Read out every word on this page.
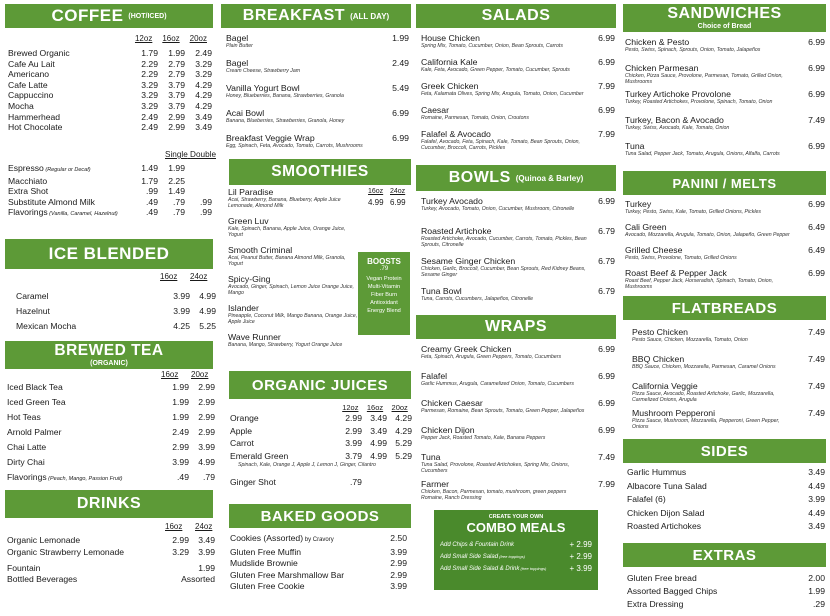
COFFEE (HOT/ICED)
12oz	16oz	20oz
Brewed Organic	1.79	1.99	2.49
Cafe Au Lait	2.29	2.79	3.29
Americano	2.29	2.79	3.29
Cafe Latte	3.29	3.79	4.29
Cappuccino	3.29	3.79	4.29
Mocha	3.29	3.79	4.29
Hammerhead	2.49	2.99	3.49
Hot Chocolate	2.49	2.99	3.49
Single
Double
Espresso (Regular or Decaf)	1.49	1.99
Macchiato	1.79	2.25
Extra Shot	.99	1.49
Substitute Almond Milk	.49	.79	.99
Flavorings (Vanilla, Caramel, Hazelnut)	.49	.79	.99
ICE BLENDED
16oz	24oz
Caramel	3.99	4.99
Hazelnut	3.99	4.99
Mexican Mocha	4.25	5.25
BREWED TEA
(ORGANIC)
16oz	20oz
Iced Black Tea	1.99	2.99
Iced Green Tea	1.99	2.99
Hot Teas	1.99	2.99
Arnold Palmer	2.49	2.99
Chai Latte	2.99	3.99
Dirty Chai	3.99	4.99
Flavorings (Peach, Mango, Passion Fruit)	.49	.79
DRINKS
16oz	24oz
Organic Lemonade	2.99	3.49
Organic Strawberry Lemonade	3.29	3.99
Fountain	1.99
Bottled Beverages	Assorted
BREAKFAST (ALL DAY)
Bagel	1.99
Plain Butter
Bagel	2.49
Cream Cheese, Strawberry Jam
Vanilla Yogurt Bowl	5.49
Honey, Blueberries, Banana, Strawberries, Granola
Acai Bowl	6.99
Banana, Blueberries, Strawberries, Granola, Honey
Breakfast Veggie Wrap	6.99
Egg, Spinach, Feta, Avocado, Tomato, Carrots, Mushrooms
SMOOTHIES
16oz 24oz
4.99 6.99
Lil Paradise
Acai, Strawberry, Banana, Blueberry, Apple Juice Lemonade, Almond Milk
Green Luv
Kale, Spinach, Banana, Apple Juice, Orange Juice, Yogurt
Smooth Criminal
Acai, Peanut Butter, Banana Almond Milk, Granola, Yogurt
Spicy-Ging
Avocado, Ginger, Spinach, Lemon Juice Orange Juice, Mango
Islander
Pineapple, Coconut Milk, Mango Banana, Orange Juice, Apple Juice
Wave Runner
Banana, Mango, Strawberry, Yogurt Orange Juice
BOOSTS
.79
Vegan Protein
Multi-Vitamin
Fiber Burn
Antioxidant
Energy Blend
ORGANIC JUICES
12oz	16oz	20oz
Orange	2.99 3.49 4.29
Apple	2.99 3.49 4.29
Carrot	3.99 4.99 5.29
Emerald Green	3.79 4.99 5.29
Spinach, Kale, Orange J, Apple J, Lemon J, Ginger, Cilantro
Ginger Shot	.79
BAKED GOODS
Cookies (Assorted) by Cravory	2.50
Gluten Free Muffin	3.99
Mudslide Brownie	2.99
Gluten Free Marshmallow Bar	2.99
Gluten Free Cookie	3.99
SALADS
House Chicken	6.99
Spring Mix, Tomato, Cucumber, Onion, Bean Sprouts, Carrots
California Kale	6.99
Kale, Feta, Avocado, Green Pepper, Tomato, Cucumber, Sprouts
Greek Chicken	7.99
Feta, Kalamata Olives, Spring Mix, Arugula, Tomato, Onion, Cucumber
Caesar	6.99
Romaine, Parmesan, Tomato, Onion, Croutons
Falafel & Avocado	7.99
Falafel, Avocado, Feta, Spinach, Kale, Tomato, Bean Sprouts, Onion, Cucumber, Broccoli, Carrots, Pickles
BOWLS (Quinoa & Barley)
Turkey Avocado	6.99
Turkey, Avocado, Tomato, Onion, Cucumber, Mushroom, Citronelle
Roasted Artichoke	6.79
Roasted Artichoke, Avocado, Cucumber, Carrots, Tomato, Pickles, Bean Sprouts, Citronelle
Sesame Ginger Chicken	6.79
Chicken, Garlic, Broccoli, Cucumber, Bean Sprouts, Red Kidney Beans, Sesame Ginger
Tuna Bowl	6.79
Tuna, Carrots, Cucumbers, Jalapeños, Citronelle
WRAPS
Creamy Greek Chicken	6.99
Feta, Spinach, Arugula, Green Peppers, Tomato, Cucumbers
Falafel	6.99
Garlic Hummus, Arugula, Caramelized Onion, Tomato, Cucumbers
Chicken Caesar	6.99
Parmesan, Romaine, Bean Sprouts, Tomato, Green Pepper, Jalapeños
Chicken Dijon	6.99
Pepper Jack, Roasted Tomato, Kale, Banana Peppers
Tuna	7.49
Tuna Salad, Provolone, Roasted Artichokes, Spring Mix, Onions, Cucumbers
Farmer	7.99
Chicken, Bacon, Parmesan, tomato, mushroom, green peppers Romaine, Ranch Dressing
CREATE YOUR OWN
COMBO MEALS
Add Chips & Fountain Drink	+ 2.99
Add Small Side Salad (free toppings)	+ 2.99
Add Small Side Salad & Drink (free toppings)	+ 3.99
SANDWICHES
Choice of Bread
Chicken & Pesto	6.99
Pesto, Swiss, Spinach, Sprouts, Onion, Tomato, Jalapeños
Chicken Parmesan	6.99
Chicken, Pizza Sauce, Provolone, Parmesan, Tomato, Grilled Onion, Mushrooms
Turkey Artichoke Provolone	6.99
Turkey, Roasted Artichokes, Provolone, Spinach, Tomato, Onion
Turkey, Bacon & Avocado	7.49
Turkey, Swiss, Avocado, Kale, Tomato, Onion
Tuna	6.99
Tuna Salad, Pepper Jack, Tomato, Arugula, Onions, Alfalfa, Carrots
PANINI / MELTS
Turkey	6.99
Turkey, Pesto, Swiss, Kale, Tomato, Grilled Onions, Pickles
Cali Green	6.49
Avocado, Mozzarella, Arugula, Tomato, Onion, Jalapeño, Green Pepper
Grilled Cheese	6.49
Pesto, Swiss, Provolone, Tomato, Grilled Onions
Roast Beef & Pepper Jack	6.99
Roast Beef, Pepper Jack, Horseradish, Spinach, Tomato, Onion, Mushrooms
FLATBREADS
Pesto Chicken	7.49
Pesto Sauce, Chicken, Mozzarella, Tomato, Onion
BBQ Chicken	7.49
BBQ Sauce, Chicken, Mozzarella, Parmesan, Caramel Onions
California Veggie	7.49
Pizza Sauce, Avocado, Roasted Artichoke, Garlic, Mozzarella, Carmelized Onions, Arugula
Mushroom Pepperoni	7.49
Pizza Sauce, Mushroom, Mozzarella, Pepperoni, Green Pepper, Onions
SIDES
Garlic Hummus	3.49
Albacore Tuna Salad	4.49
Falafel (6)	3.99
Chicken Dijon Salad	4.49
Roasted Artichokes	3.49
EXTRAS
Gluten Free bread	2.00
Assorted Bagged Chips	1.99
Extra Dressing	.29
